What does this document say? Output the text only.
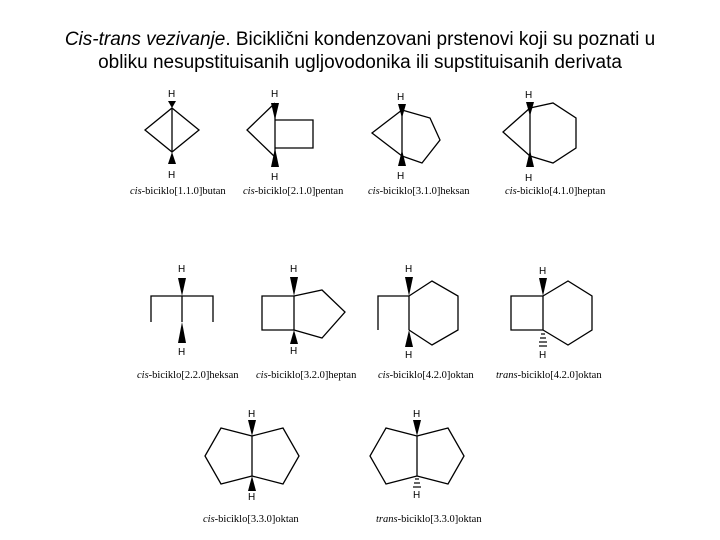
Cis-trans vezivanje. Biciklični kondenzovani prstenovi koji su poznati u
obliku nesupstituisanih ugljovodonika ili supstituisanih derivata
H
H
cis-biciklo[1.1.0]butan
H
H
cis-biciklo[2.1.0]pentan
H
H
cis-biciklo[3.1.0]heksan
H
H
cis-biciklo[4.1.0]heptan
H
H
cis-biciklo[2.2.0]heksan
H
H
cis-biciklo[3.2.0]heptan
H
H
cis-biciklo[4.2.0]oktan
H
H
trans-biciklo[4.2.0]oktan
H
H
cis-biciklo[3.3.0]oktan
H
H
trans-biciklo[3.3.0]oktan
